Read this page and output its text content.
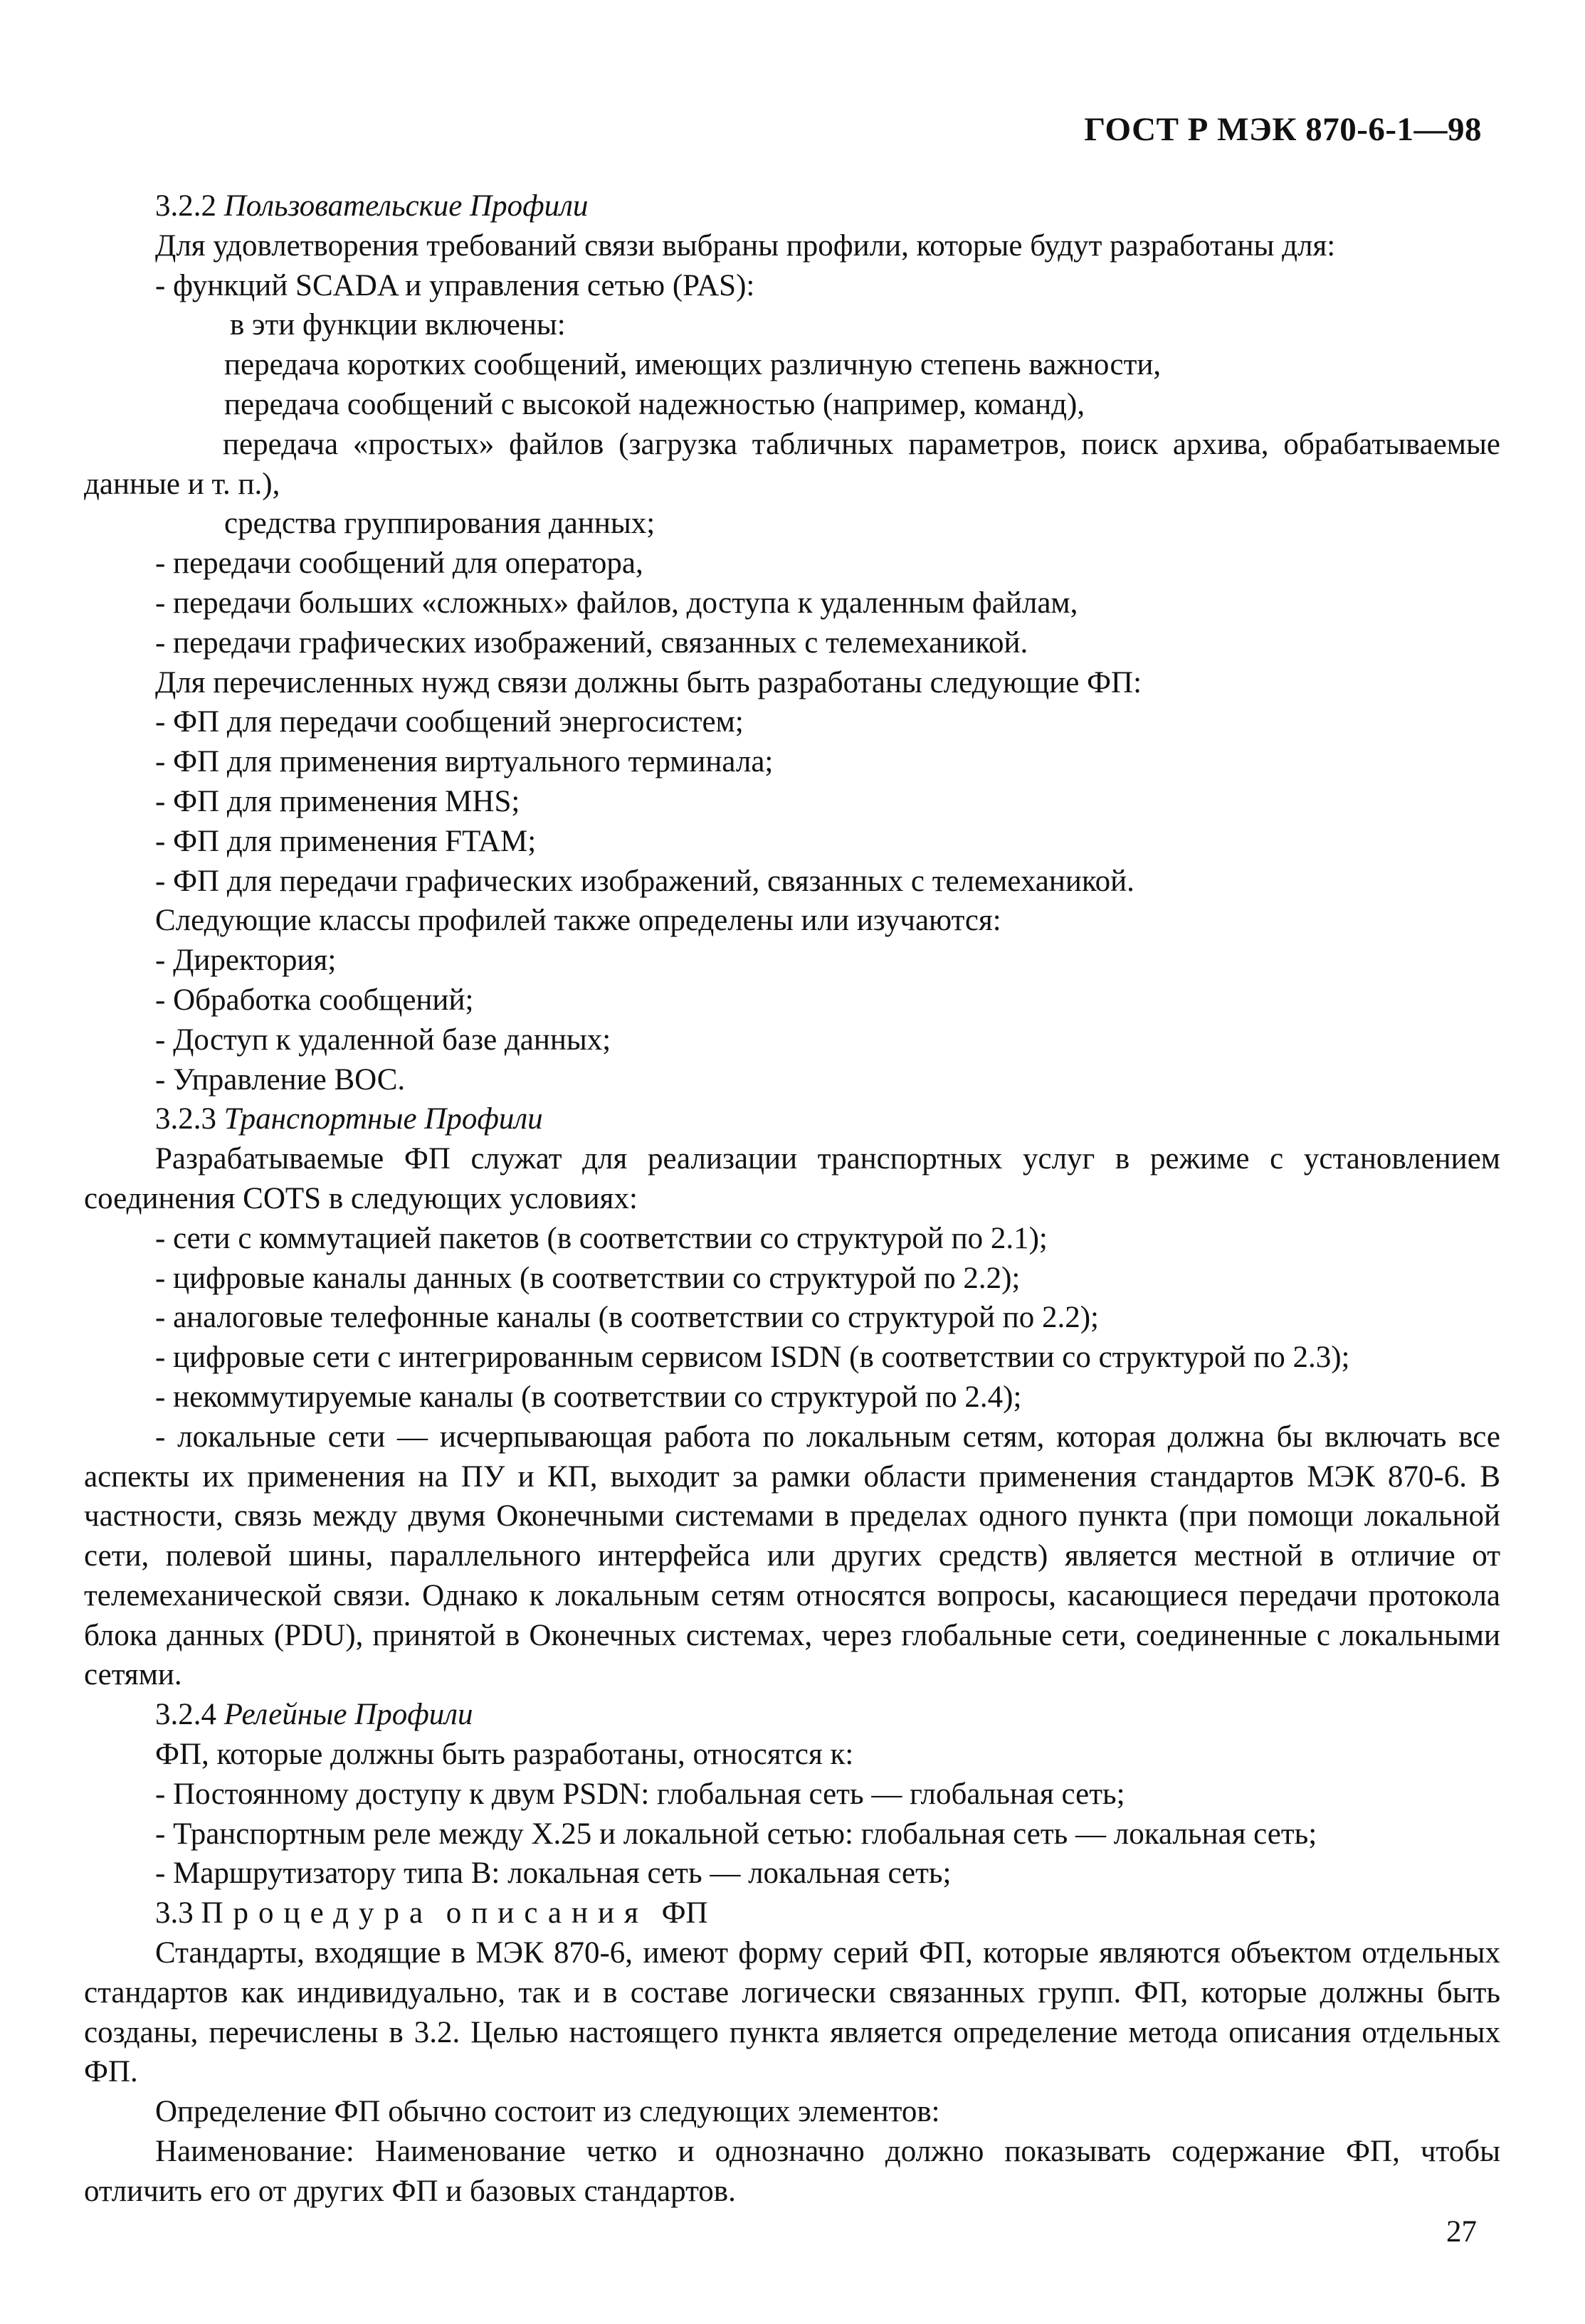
ГОСТ Р МЭК 870-6-1—98

3.2.2 Пользовательские Профили

Для удовлетворения требований связи выбраны профили, которые будут разработаны для:

- функций SCADA и управления сетью (PAS):

в эти функции включены:

передача коротких сообщений, имеющих различную степень важности,

передача сообщений с высокой надежностью (например, команд),

передача «простых» файлов (загрузка табличных параметров, поиск архива, обрабатываемые данные и т. п.),

средства группирования данных;

- передачи сообщений для оператора,

- передачи больших «сложных» файлов, доступа к удаленным файлам,

- передачи графических изображений, связанных с телемеханикой.

Для перечисленных нужд связи должны быть разработаны следующие ФП:

- ФП для передачи сообщений энергосистем;

- ФП для применения виртуального терминала;

- ФП для применения MHS;

- ФП для применения FTAM;

- ФП для передачи графических изображений, связанных с телемеханикой.

Следующие классы профилей также определены или изучаются:

- Директория;

- Обработка сообщений;

- Доступ к удаленной базе данных;

- Управление ВОС.

3.2.3 Транспортные Профили

Разрабатываемые ФП служат для реализации транспортных услуг в режиме с установлением соединения COTS в следующих условиях:

- сети с коммутацией пакетов (в соответствии со структурой по 2.1);

- цифровые каналы данных (в соответствии со структурой по 2.2);

- аналоговые телефонные каналы (в соответствии со структурой по 2.2);

- цифровые сети с интегрированным сервисом ISDN (в соответствии со структурой по 2.3);

- некоммутируемые каналы (в соответствии со структурой по 2.4);

- локальные сети — исчерпывающая работа по локальным сетям, которая должна бы включать все аспекты их применения на ПУ и КП, выходит за рамки области применения стандартов МЭК 870-6. В частности, связь между двумя Оконечными системами в пределах одного пункта (при помощи локальной сети, полевой шины, параллельного интерфейса или других средств) является местной в отличие от телемеханической связи. Однако к локальным сетям относятся вопросы, касающиеся передачи протокола блока данных (PDU), принятой в Оконечных системах, через глобальные сети, соединенные с локальными сетями.

3.2.4 Релейные Профили

ФП, которые должны быть разработаны, относятся к:

- Постоянному доступу к двум PSDN: глобальная сеть — глобальная сеть;

- Транспортным реле между X.25 и локальной сетью: глобальная сеть — локальная сеть;

- Маршрутизатору типа В: локальная сеть — локальная сеть;

3.3 Процедура описания ФП

Стандарты, входящие в МЭК 870-6, имеют форму серий ФП, которые являются объектом отдельных стандартов как индивидуально, так и в составе логически связанных групп. ФП, которые должны быть созданы, перечислены в 3.2. Целью настоящего пункта является определение метода описания отдельных ФП.

Определение ФП обычно состоит из следующих элементов:

Наименование: Наименование четко и однозначно должно показывать содержание ФП, чтобы отличить его от других ФП и базовых стандартов.

27
